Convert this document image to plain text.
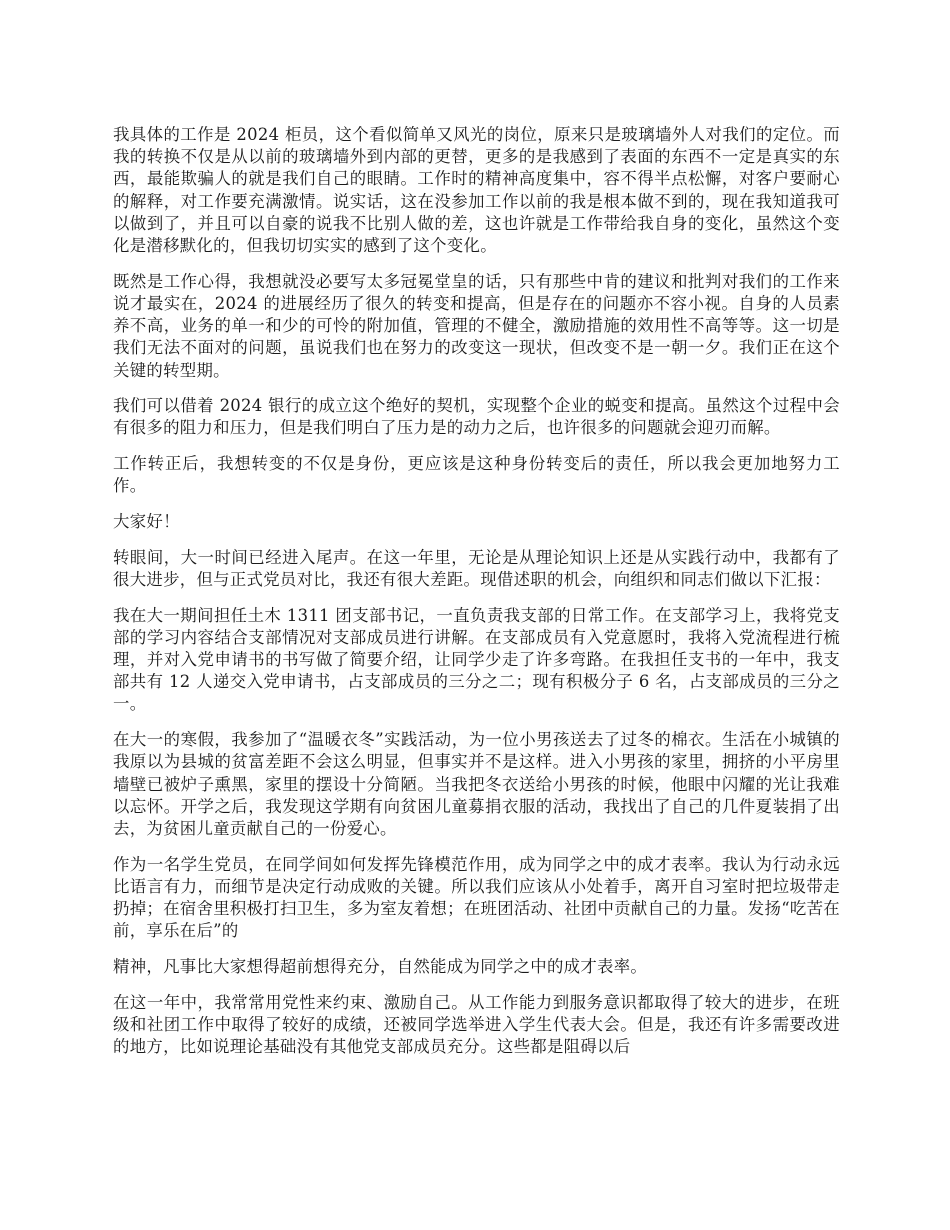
我具体的工作是 2024 柜员，这个看似简单又风光的岗位，原来只是玻璃墙外人对我们的定位。而我的转换不仅是从以前的玻璃墙外到内部的更替，更多的是我感到了表面的东西不一定是真实的东西，最能欺骗人的就是我们自己的眼睛。工作时的精神高度集中，容不得半点松懈，对客户要耐心的解释，对工作要充满激情。说实话，这在没参加工作以前的我是根本做不到的，现在我知道我可以做到了，并且可以自豪的说我不比别人做的差，这也许就是工作带给我自身的变化，虽然这个变化是潜移默化的，但我切切实实的感到了这个变化。

既然是工作心得，我想就没必要写太多冠冕堂皇的话，只有那些中肯的建议和批判对我们的工作来说才最实在，2024 的进展经历了很久的转变和提高，但是存在的问题亦不容小视。自身的人员素养不高，业务的单一和少的可怜的附加值，管理的不健全，激励措施的效用性不高等等。这一切是我们无法不面对的问题，虽说我们也在努力的改变这一现状，但改变不是一朝一夕。我们正在这个关键的转型期。

我们可以借着 2024 银行的成立这个绝好的契机，实现整个企业的蜕变和提高。虽然这个过程中会有很多的阻力和压力，但是我们明白了压力是的动力之后，也许很多的问题就会迎刃而解。

工作转正后，我想转变的不仅是身份，更应该是这种身份转变后的责任，所以我会更加地努力工作。

大家好！

转眼间，大一时间已经进入尾声。在这一年里，无论是从理论知识上还是从实践行动中，我都有了很大进步，但与正式党员对比，我还有很大差距。现借述职的机会，向组织和同志们做以下汇报：

我在大一期间担任土木 1311 团支部书记，一直负责我支部的日常工作。在支部学习上，我将党支部的学习内容结合支部情况对支部成员进行讲解。在支部成员有入党意愿时，我将入党流程进行梳理，并对入党申请书的书写做了简要介绍，让同学少走了许多弯路。在我担任支书的一年中，我支部共有 12 人递交入党申请书，占支部成员的三分之二；现有积极分子 6 名，占支部成员的三分之一。

在大一的寒假，我参加了“温暖衣冬”实践活动，为一位小男孩送去了过冬的棉衣。生活在小城镇的我原以为县城的贫富差距不会这么明显，但事实并不是这样。进入小男孩的家里，拥挤的小平房里墙壁已被炉子熏黑，家里的摆设十分简陋。当我把冬衣送给小男孩的时候，他眼中闪耀的光让我难以忘怀。开学之后，我发现这学期有向贫困儿童募捐衣服的活动，我找出了自己的几件夏装捐了出去，为贫困儿童贡献自己的一份爱心。

作为一名学生党员，在同学间如何发挥先锋模范作用，成为同学之中的成才表率。我认为行动永远比语言有力，而细节是决定行动成败的关键。所以我们应该从小处着手，离开自习室时把垃圾带走扔掉；在宿舍里积极打扫卫生，多为室友着想；在班团活动、社团中贡献自己的力量。发扬“吃苦在前，享乐在后”的

精神，凡事比大家想得超前想得充分，自然能成为同学之中的成才表率。

在这一年中，我常常用党性来约束、激励自己。从工作能力到服务意识都取得了较大的进步，在班级和社团工作中取得了较好的成绩，还被同学选举进入学生代表大会。但是，我还有许多需要改进的地方，比如说理论基础没有其他党支部成员充分。这些都是阻碍以后
